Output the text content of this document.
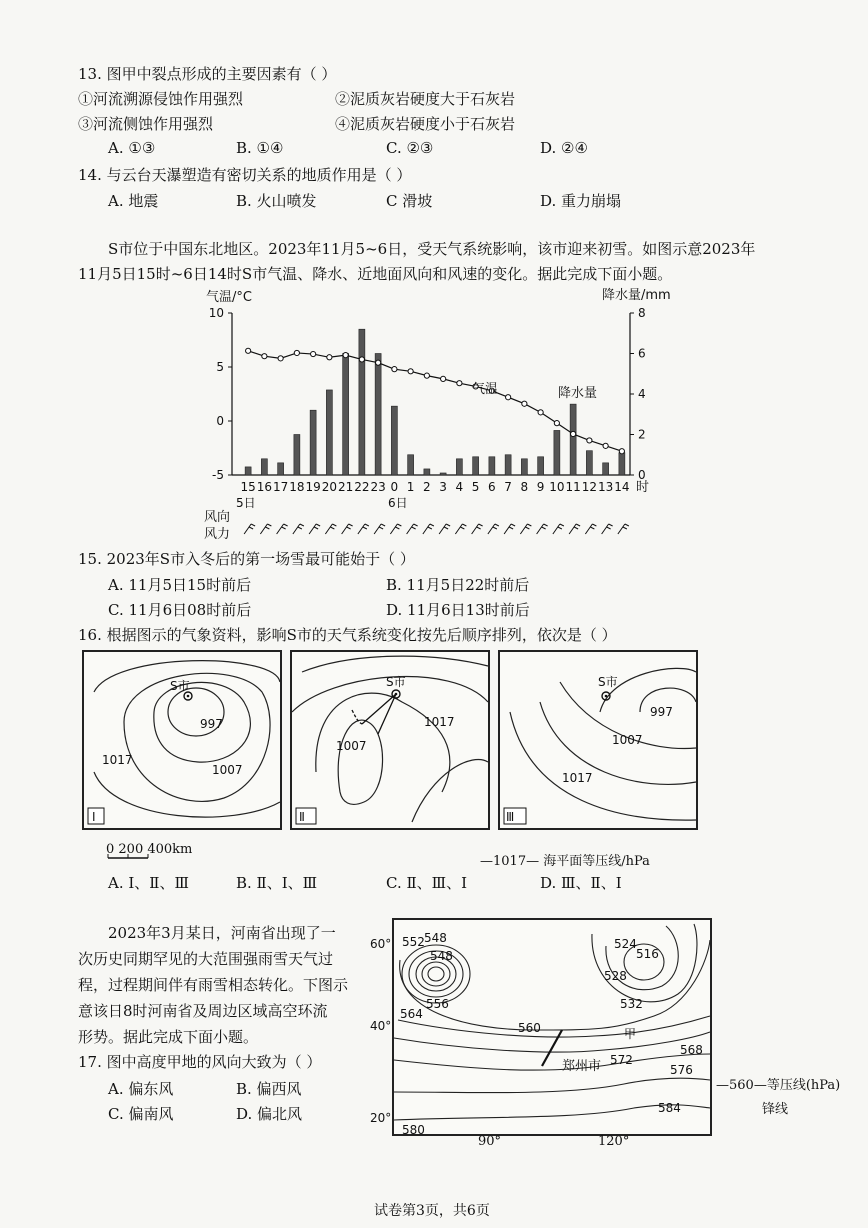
13. 图甲中裂点形成的主要因素有（ ）
①河流溯源侵蚀作用强烈	②泥质灰岩硬度大于石灰岩
③河流侧蚀作用强烈	④泥质灰岩硬度小于石灰岩
A. ①③	B. ①④	C. ②③	D. ②④
14. 与云台天瀑塑造有密切关系的地质作用是（ ）
A. 地震	B. 火山喷发	C 滑坡	D. 重力崩塌
S市位于中国东北地区。2023年11月5~6日，受天气系统影响，该市迎来初雪。如图示意2023年
11月5日15时~6日14时S市气温、降水、近地面风向和风速的变化。据此完成下面小题。
气温/°C	降水量/mm
-5
0
5
10
0
2
4
6
8
15 16 17 18 19 20 21 22 23 0 1 2 3 4 5 6 7 8 9 10 11 12 13 14
气温	降水量
时
5日	6日
风向
风力
15. 2023年S市入冬后的第一场雪最可能始于（ ）
A. 11月5日15时前后	B. 11月5日22时前后
C. 11月6日08时前后	D. 11月6日13时前后
16. 根据图示的气象资料，影响S市的天气系统变化按先后顺序排列，依次是（ ）
S市
997
1007
1017
Ⅰ
S市
1007
1017
Ⅱ
S市
997
1007
1017
Ⅲ
0 200 400km
—1017— 海平面等压线/hPa
A. Ⅰ、Ⅱ、Ⅲ	B. Ⅱ、Ⅰ、Ⅲ	C. Ⅱ、Ⅲ、Ⅰ	D. Ⅲ、Ⅱ、Ⅰ
2023年3月某日，河南省出现了一
次历史同期罕见的大范围强雨雪天气过
程，过程期间伴有雨雪相态转化。下图示
意该日8时河南省及周边区域高空环流
形势。据此完成下面小题。
17. 图中高度甲地的风向大致为（ ）
A. 偏东风	B. 偏西风
C. 偏南风	D. 偏北风
60° 552 548
548
556
564
560
516
524
528
532
甲
568
572
576
584
580
郑州市
40°
20°
90°	120°
—560—等压线(hPa)
锋线
试卷第3页，共6页
